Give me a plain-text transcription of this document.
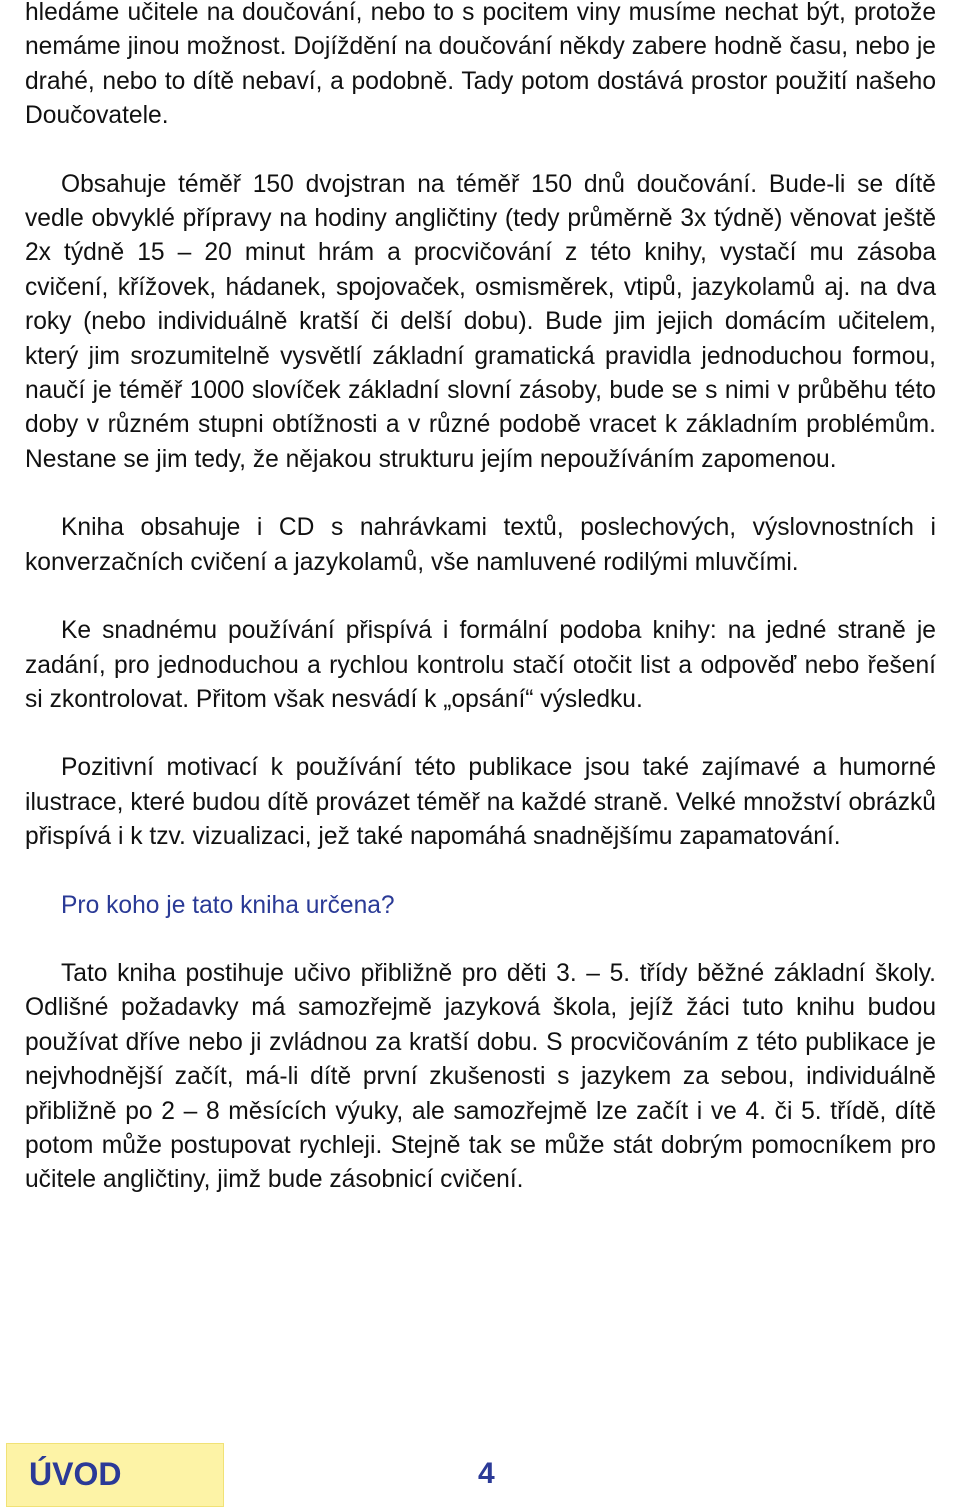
hledáme učitele na doučování, nebo to s pocitem viny musíme nechat být, protože nemáme jinou možnost. Dojíždění na doučování někdy zabere hodně času, nebo je drahé, nebo to dítě nebaví, a podobně. Tady potom dostává prostor použití našeho Doučovatele.

Obsahuje téměř 150 dvojstran na téměř 150 dnů doučování. Bude-li se dítě vedle obvyklé přípravy na hodiny angličtiny (tedy průměrně 3x týdně) věnovat ještě 2x týdně 15 – 20 minut hrám a procvičování z této knihy, vystačí mu zásoba cvičení, křížovek, hádanek, spojovaček, osmisměrek, vtipů, jazykolamů aj. na dva roky (nebo individuálně kratší či delší dobu). Bude jim jejich domácím učitelem, který jim srozumitelně vysvětlí základní gramatická pravidla jednoduchou formou, naučí je téměř 1000 slovíček základní slovní zásoby, bude se s nimi v průběhu této doby v různém stupni obtížnosti a v různé podobě vracet k základním problémům. Nestane se jim tedy, že nějakou strukturu jejím nepoužíváním zapomenou.

Kniha obsahuje i CD s nahrávkami textů, poslechových, výslovnostních i konverzačních cvičení a jazykolamů, vše namluvené rodilými mluvčími.

Ke snadnému používání přispívá i formální podoba knihy: na jedné straně je zadání, pro jednoduchou a rychlou kontrolu stačí otočit list a odpověď nebo řešení si zkontrolovat. Přitom však nesvádí k „opsání“ výsledku.

Pozitivní motivací k používání této publikace jsou také zajímavé a humorné ilustrace, které budou dítě provázet téměř na každé straně. Velké množství obrázků přispívá i k tzv. vizualizaci, jež také napomáhá snadnějšímu zapamatování.

Pro koho je tato kniha určena?

Tato kniha postihuje učivo přibližně pro děti 3. – 5. třídy běžné základní školy. Odlišné požadavky má samozřejmě jazyková škola, jejíž žáci tuto knihu budou používat dříve nebo ji zvládnou za kratší dobu. S procvičováním z této publikace je nejvhodnější začít, má-li dítě první zkušenosti s jazykem za sebou, individuálně přibližně po 2 – 8 měsících výuky, ale samozřejmě lze začít i ve 4. či 5. třídě, dítě potom může postupovat rychleji. Stejně tak se může stát dobrým pomocníkem pro učitele angličtiny, jimž bude zásobnicí cvičení.

ÚVOD	4
